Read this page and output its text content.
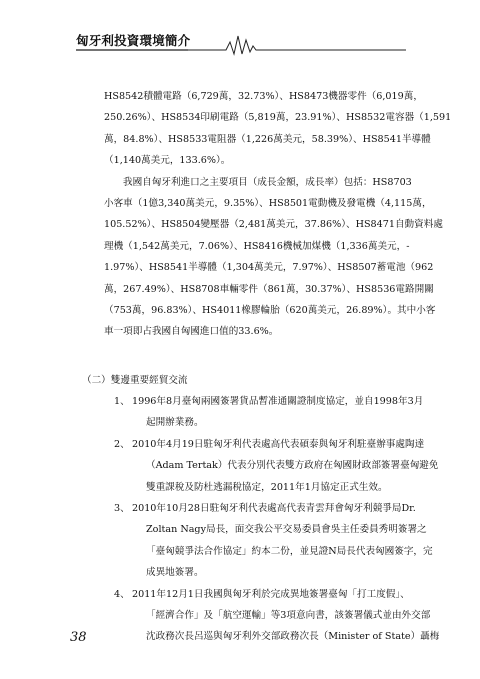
匈牙利投資環境簡介

HS8542積體電路（6,729萬，32.73%）、HS8473機器零件（6,019萬，
250.26%）、HS8534印刷電路（5,819萬，23.91%）、HS8532電容器（1,591
萬，84.8%）、HS8533電阻器（1,226萬美元，58.39%）、HS8541半導體
（1,140萬美元，133.6%）。

我國自匈牙利進口之主要項目（成長金額，成長率）包括：HS8703
小客車（1億3,340萬美元，9.35%）、HS8501電動機及發電機（4,115萬，
105.52%）、HS8504變壓器（2,481萬美元，37.86%）、HS8471自動資料處
理機（1,542萬美元，7.06%）、HS8416機械加煤機（1,336萬美元，-
1.97%）、HS8541半導體（1,304萬美元，7.97%）、HS8507蓄電池（962
萬，267.49%）、HS8708車輛零件（861萬，30.37%）、HS8536電路開關
（753萬，96.83%）、HS4011橡膠輪胎（620萬美元，26.89%）。其中小客
車一項即占我國自匈國進口值的33.6%。

（二）雙邊重要經貿交流
1、 1996年8月臺匈兩國簽署貨品暫准通關證制度協定，並自1998年3月
起開辦業務。
2、 2010年4月19日駐匈牙利代表處高代表碩泰與匈牙利駐臺辦事處陶達
（Adam Tertak）代表分別代表雙方政府在匈國財政部簽署臺匈避免
雙重課稅及防杜逃漏稅協定，2011年1月協定正式生效。
3、 2010年10月28日駐匈牙利代表處高代表青雲拜會匈牙利競爭局Dr.
Zoltan Nagy局長，面交我公平交易委員會吳主任委員秀明簽署之
「臺匈競爭法合作協定」約本二份，並見證N局長代表匈國簽字，完
成異地簽署。
4、 2011年12月1日我國與匈牙利於完成異地簽署臺匈「打工度假」、
「經濟合作」及「航空運輸」等3項意向書，該簽署儀式並由外交部
沈政務次長呂巡與匈牙利外交部政務次長（Minister of State）聶梅
38
